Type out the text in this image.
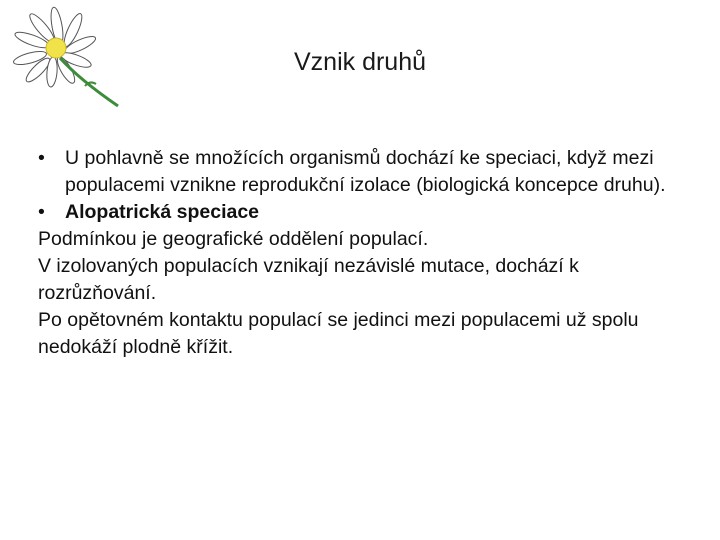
Vznik druhů
• U pohlavně se množících organismů dochází ke speciaci, když mezi populacemi vznikne reprodukční izolace (biologická koncepce druhu).
• Alopatrická speciace

Podmínkou je geografické oddělení populací.

V izolovaných populacích vznikají nezávislé mutace, dochází k rozrůzňování.

Po opětovném kontaktu populací se jedinci mezi populacemi už spolu nedokáží plodně křížit.
